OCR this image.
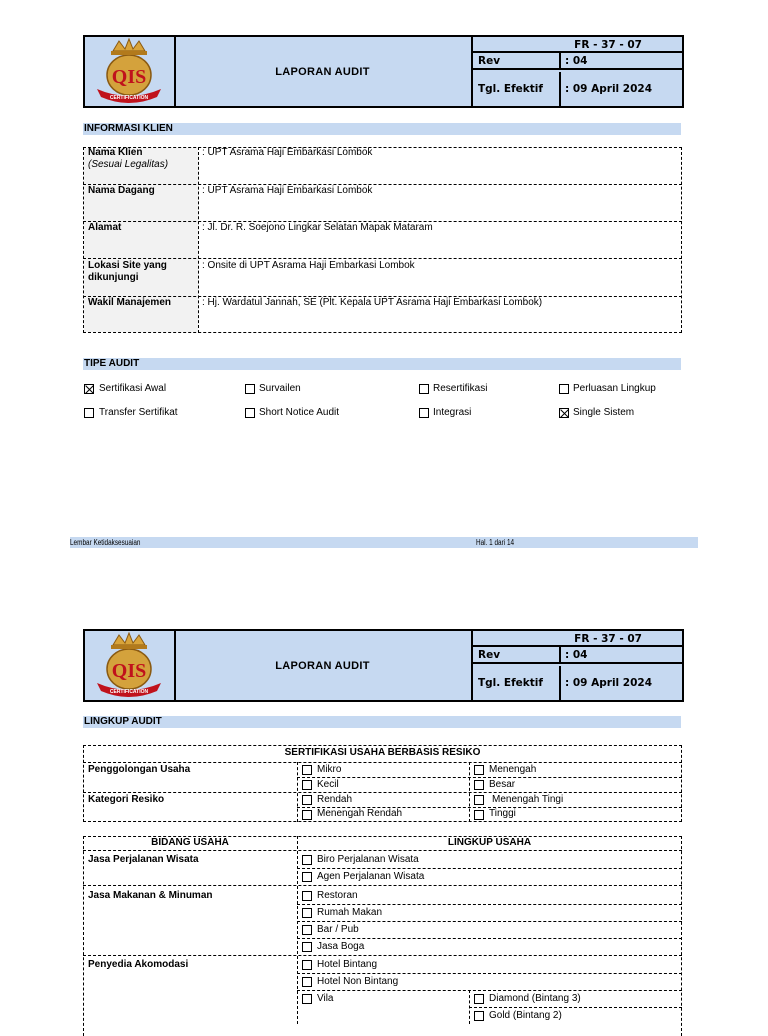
QIS
CERTIFICATION
LAPORAN AUDIT
FR - 37 - 07
Rev	: 04
Tgl. Efektif	: 09 April 2024
INFORMASI KLIEN
Nama Klien
(Sesuai Legalitas)
: UPT Asrama Haji Embarkasi Lombok
Nama Dagang	: UPT Asrama Haji Embarkasi Lombok
Alamat	: Jl. Dr. R. Soejono Lingkar Selatan Mapak Mataram
Lokasi Site yang dikunjungi
: Onsite di UPT Asrama Haji Embarkasi Lombok
Wakil Manajemen	: Hj. Wardatul Jannah, SE (Plt. Kepala UPT Asrama Haji Embarkasi Lombok)
TIPE AUDIT
Sertifikasi Awal	Survailen	Resertifikasi	Perluasan Lingkup
Transfer Sertifikat	Short Notice Audit	Integrasi	Single Sistem
Lembar Ketidaksesuaian	Hal. 1 dari 14
QIS
CERTIFICATION
LAPORAN AUDIT
FR - 37 - 07
Rev	: 04
Tgl. Efektif	: 09 April 2024
LINGKUP AUDIT
SERTIFIKASI USAHA BERBASIS RESIKO
Penggolongan Usaha	Mikro	Menengah
Kecil	Besar
Kategori Resiko	Rendah	Menengah Tingi
Menengah Rendah	Tinggi
BIDANG USAHA	LINGKUP USAHA
Jasa Perjalanan Wisata	Biro Perjalanan Wisata
Agen Perjalanan Wisata
Jasa Makanan & Minuman	Restoran
Rumah Makan
Bar / Pub
Jasa Boga
Penyedia Akomodasi	Hotel Bintang
Hotel Non Bintang
Vila	Diamond (Bintang 3)
Gold (Bintang 2)
